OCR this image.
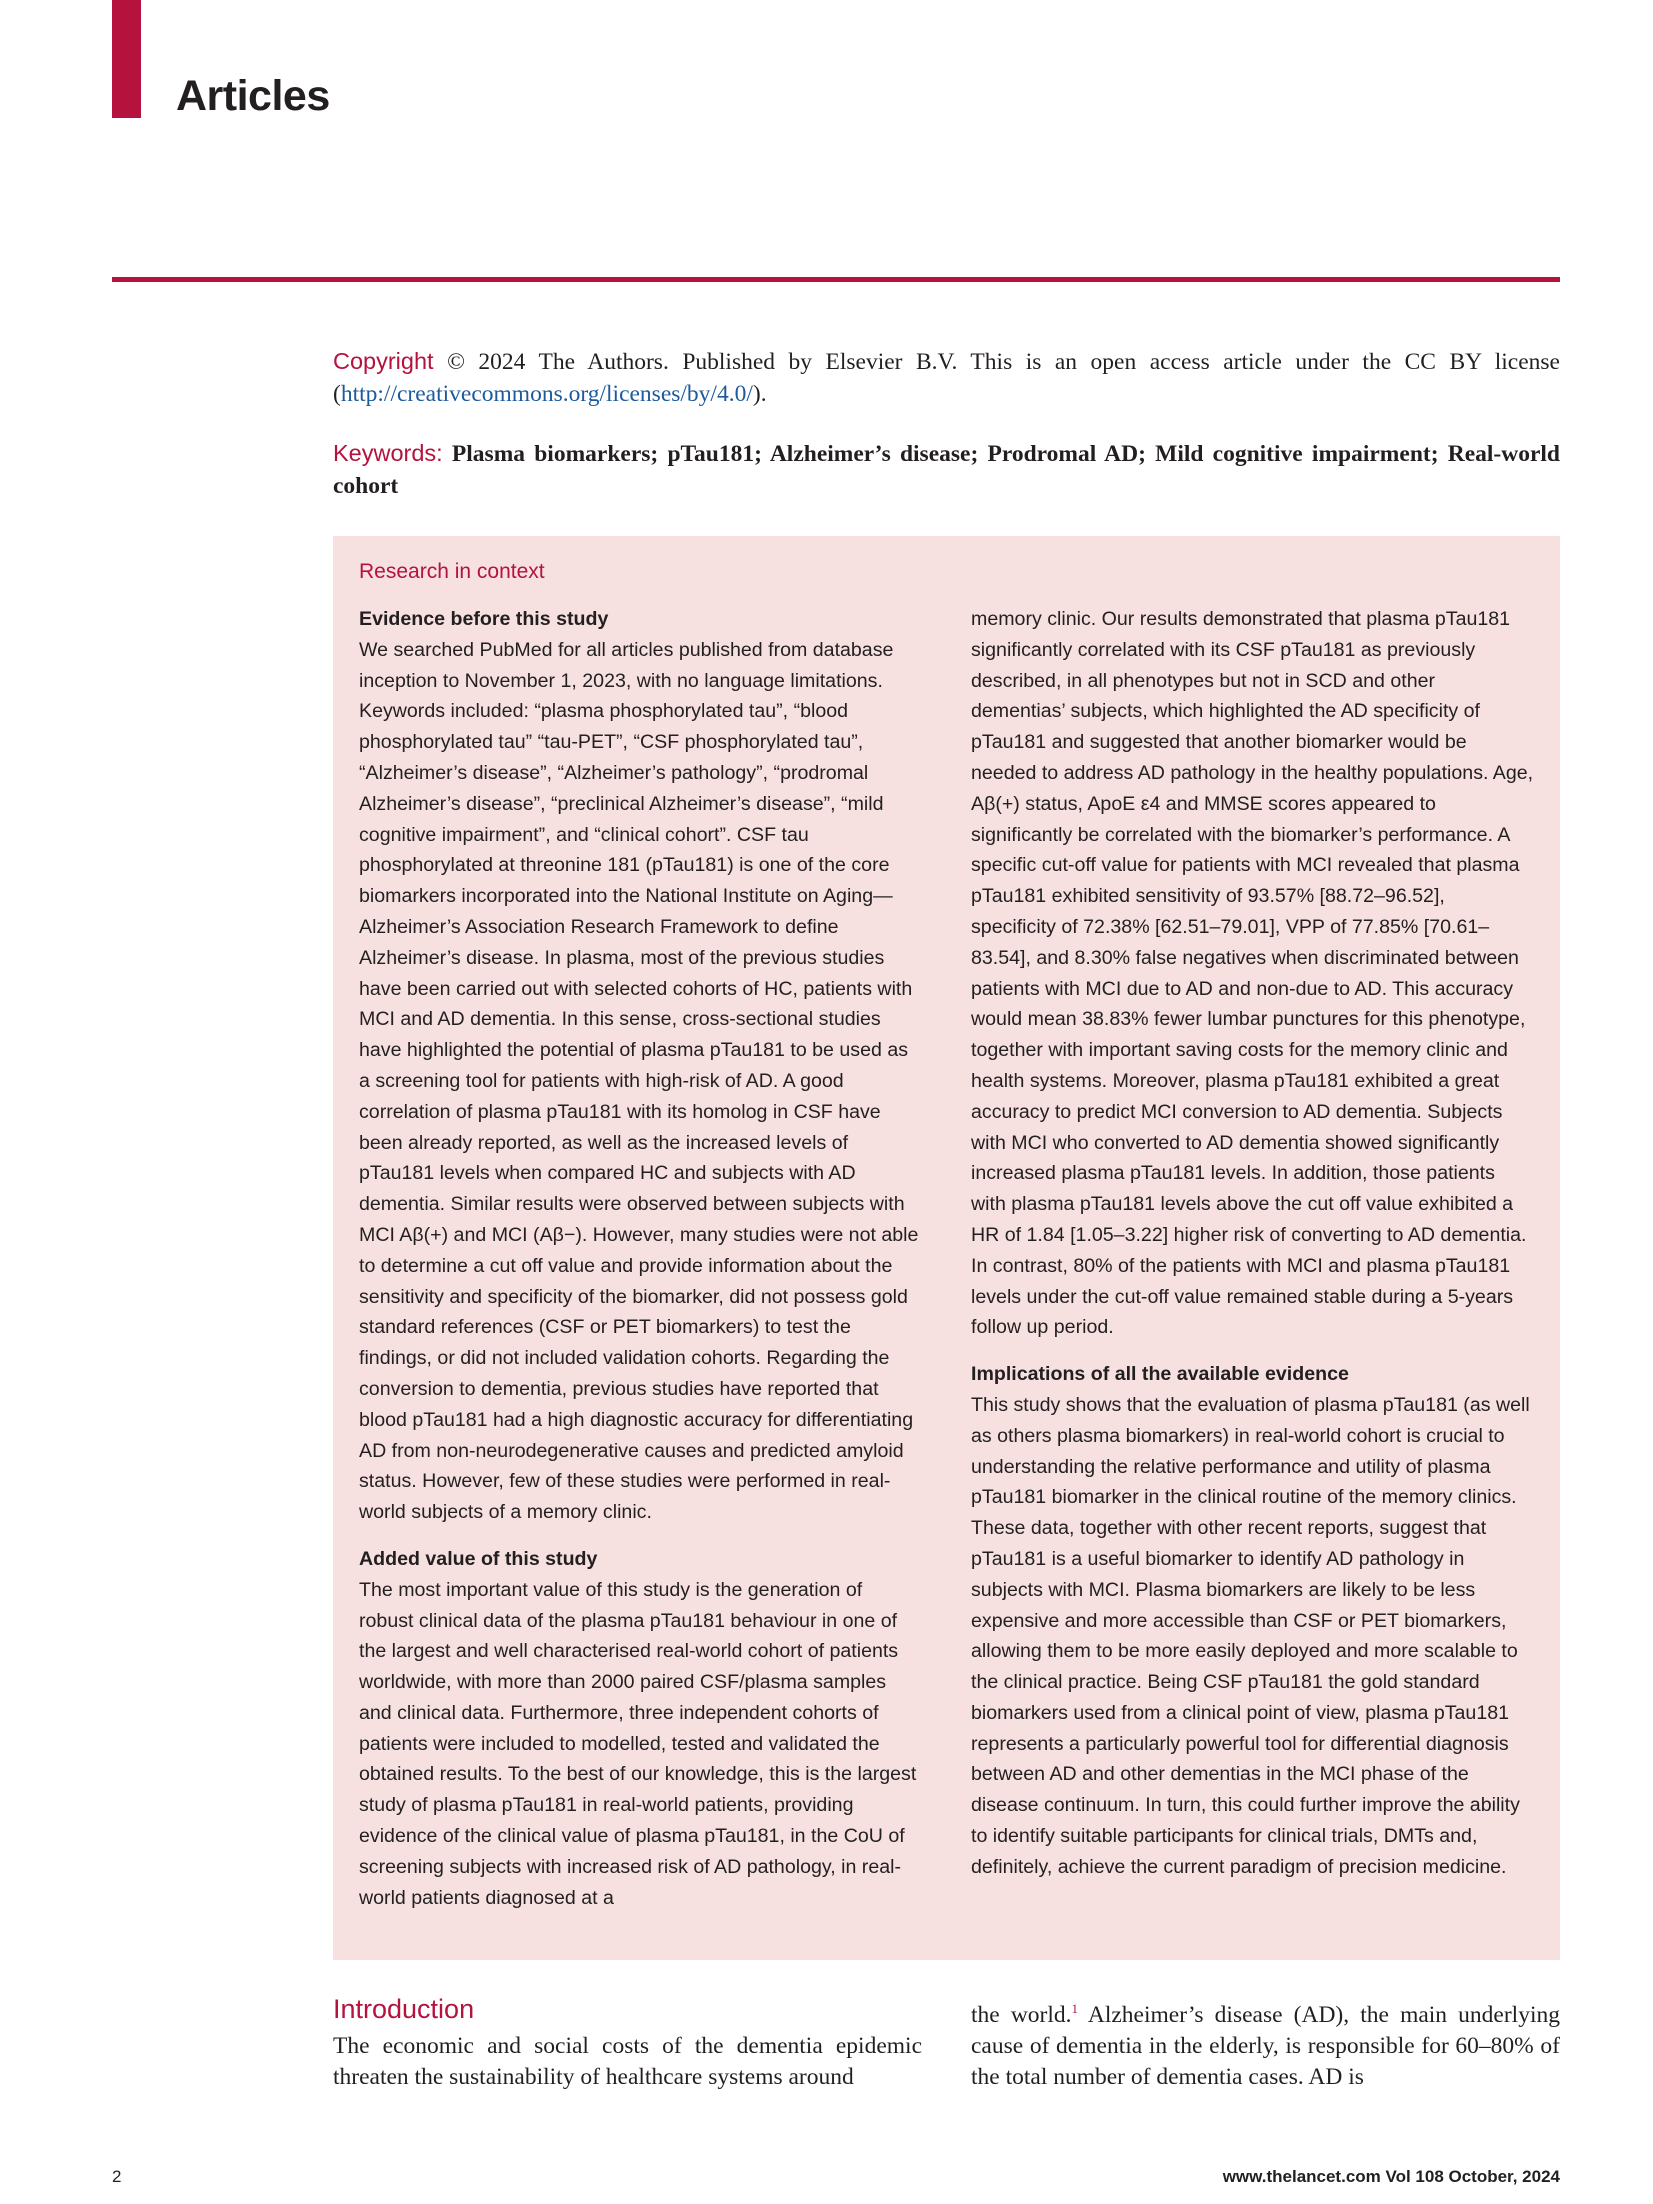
Articles
Copyright © 2024 The Authors. Published by Elsevier B.V. This is an open access article under the CC BY license (http://creativecommons.org/licenses/by/4.0/).
Keywords: Plasma biomarkers; pTau181; Alzheimer’s disease; Prodromal AD; Mild cognitive impairment; Real-world cohort
Research in context
Evidence before this study

We searched PubMed for all articles published from database inception to November 1, 2023, with no language limitations. Keywords included: “plasma phosphorylated tau”, “blood phosphorylated tau” “tau-PET”, “CSF phosphorylated tau”, “Alzheimer’s disease”, “Alzheimer’s pathology”, “prodromal Alzheimer’s disease”, “preclinical Alzheimer’s disease”, “mild cognitive impairment”, and “clinical cohort”. CSF tau phosphorylated at threonine 181 (pTau181) is one of the core biomarkers incorporated into the National Institute on Aging—Alzheimer’s Association Research Framework to define Alzheimer’s disease. In plasma, most of the previous studies have been carried out with selected cohorts of HC, patients with MCI and AD dementia. In this sense, cross-sectional studies have highlighted the potential of plasma pTau181 to be used as a screening tool for patients with high-risk of AD. A good correlation of plasma pTau181 with its homolog in CSF have been already reported, as well as the increased levels of pTau181 levels when compared HC and subjects with AD dementia. Similar results were observed between subjects with MCI Aβ(+) and MCI (Aβ−). However, many studies were not able to determine a cut off value and provide information about the sensitivity and specificity of the biomarker, did not possess gold standard references (CSF or PET biomarkers) to test the findings, or did not included validation cohorts. Regarding the conversion to dementia, previous studies have reported that blood pTau181 had a high diagnostic accuracy for differentiating AD from non-neurodegenerative causes and predicted amyloid status. However, few of these studies were performed in real-world subjects of a memory clinic.

Added value of this study

The most important value of this study is the generation of robust clinical data of the plasma pTau181 behaviour in one of the largest and well characterised real-world cohort of patients worldwide, with more than 2000 paired CSF/plasma samples and clinical data. Furthermore, three independent cohorts of patients were included to modelled, tested and validated the obtained results. To the best of our knowledge, this is the largest study of plasma pTau181 in real-world patients, providing evidence of the clinical value of plasma pTau181, in the CoU of screening subjects with increased risk of AD pathology, in real-world patients diagnosed at a

memory clinic. Our results demonstrated that plasma pTau181 significantly correlated with its CSF pTau181 as previously described, in all phenotypes but not in SCD and other dementias’ subjects, which highlighted the AD specificity of pTau181 and suggested that another biomarker would be needed to address AD pathology in the healthy populations. Age, Aβ(+) status, ApoE ε4 and MMSE scores appeared to significantly be correlated with the biomarker’s performance. A specific cut-off value for patients with MCI revealed that plasma pTau181 exhibited sensitivity of 93.57% [88.72–96.52], specificity of 72.38% [62.51–79.01], VPP of 77.85% [70.61–83.54], and 8.30% false negatives when discriminated between patients with MCI due to AD and non-due to AD. This accuracy would mean 38.83% fewer lumbar punctures for this phenotype, together with important saving costs for the memory clinic and health systems. Moreover, plasma pTau181 exhibited a great accuracy to predict MCI conversion to AD dementia. Subjects with MCI who converted to AD dementia showed significantly increased plasma pTau181 levels. In addition, those patients with plasma pTau181 levels above the cut off value exhibited a HR of 1.84 [1.05–3.22] higher risk of converting to AD dementia. In contrast, 80% of the patients with MCI and plasma pTau181 levels under the cut-off value remained stable during a 5-years follow up period.

Implications of all the available evidence

This study shows that the evaluation of plasma pTau181 (as well as others plasma biomarkers) in real-world cohort is crucial to understanding the relative performance and utility of plasma pTau181 biomarker in the clinical routine of the memory clinics. These data, together with other recent reports, suggest that pTau181 is a useful biomarker to identify AD pathology in subjects with MCI. Plasma biomarkers are likely to be less expensive and more accessible than CSF or PET biomarkers, allowing them to be more easily deployed and more scalable to the clinical practice. Being CSF pTau181 the gold standard biomarkers used from a clinical point of view, plasma pTau181 represents a particularly powerful tool for differential diagnosis between AD and other dementias in the MCI phase of the disease continuum. In turn, this could further improve the ability to identify suitable participants for clinical trials, DMTs and, definitely, achieve the current paradigm of precision medicine.

Introduction

The economic and social costs of the dementia epidemic threaten the sustainability of healthcare systems around

the world.$^1$ Alzheimer’s disease (AD), the main underlying cause of dementia in the elderly, is responsible for 60–80% of the total number of dementia cases. AD is

2	www.thelancet.com Vol 108 October, 2024
